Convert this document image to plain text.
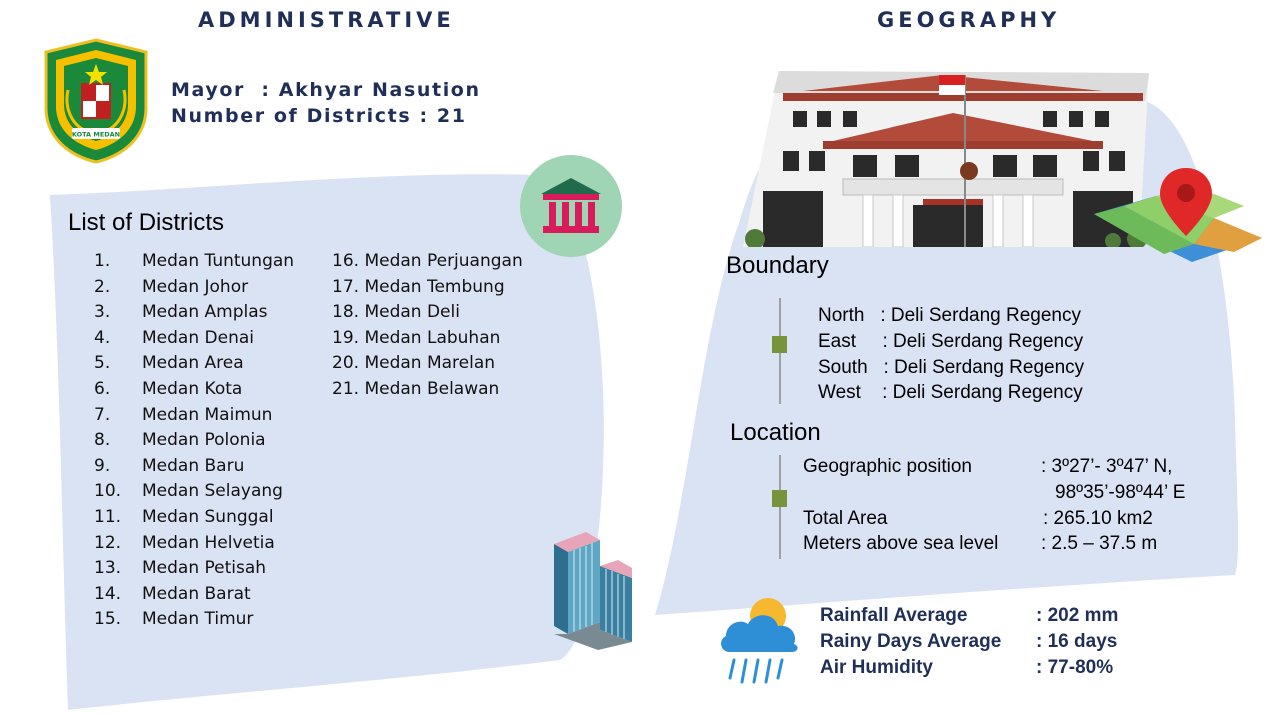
ADMINISTRATIVE	GEOGRAPHY
KOTA MEDAN
Mayor  : Akhyar Nasution
Number of Districts : 21
List of Districts
1. Medan Tuntungan
2. Medan Johor
3. Medan Amplas
4. Medan Denai
5. Medan Area
6. Medan Kota
7. Medan Maimun
8. Medan Polonia
9. Medan Baru
10. Medan Selayang
11. Medan Sunggal
12. Medan Helvetia
13. Medan Petisah
14. Medan Barat
15. Medan Timur
16. Medan Perjuangan
17. Medan Tembung
18. Medan Deli
19. Medan Labuhan
20. Medan Marelan
21. Medan Belawan
Boundary
North : Deli Serdang Regency
East : Deli Serdang Regency
South : Deli Serdang Regency
West : Deli Serdang Regency
Location
Geographic position	: 3º27’- 3º47’ N,
98º35’-98º44’ E
Total Area	: 265.10 km2
Meters above sea level : 2.5 – 37.5 m
Rainfall Average	: 202 mm
Rainy Days Average : 16 days
Air Humidity	: 77-80%
